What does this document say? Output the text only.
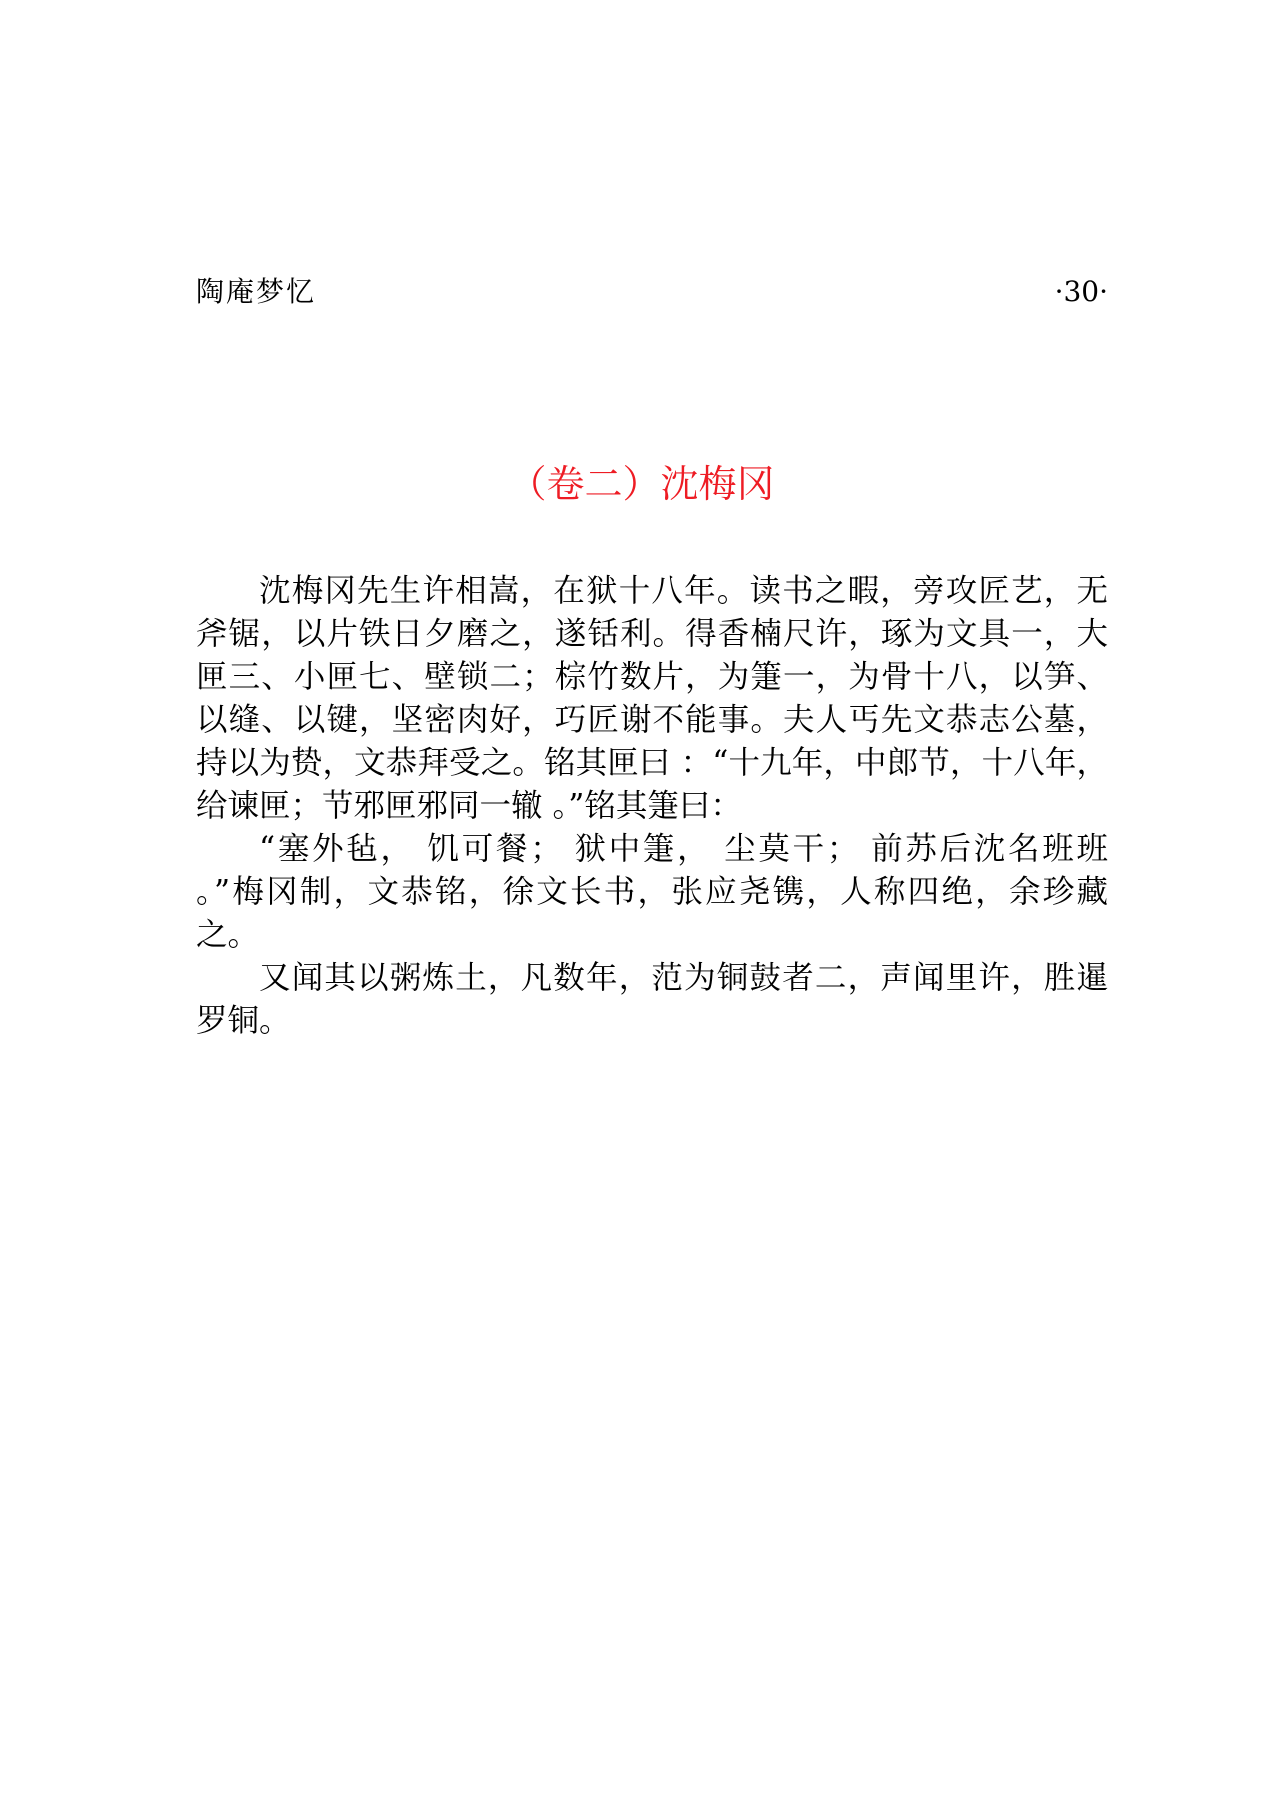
陶庵梦忆	·30·
（卷二）沈梅冈

沈梅冈先生许相嵩，在狱十八年。读书之暇，旁攻匠艺，无斧锯，以片铁日夕磨之，遂铦利。得香楠尺许，琢为文具一，大匣三、小匣七、壁锁二；棕竹数片，为箑一，为骨十八，以笋、以缝、以键，坚密肉好，巧匠谢不能事。夫人丐先文恭志公墓，持以为贽，文恭拜受之。铭其匣曰 ：“十九年，中郎节，十八年，给谏匣；节邪匣邪同一辙 。”铭其箑曰：

“塞外毡， 饥可餐； 狱中箑， 尘莫干； 前苏后沈名班班 。”梅冈制，文恭铭，徐文长书，张应尧镌，人称四绝，余珍藏之。

又闻其以粥炼土，凡数年，范为铜鼓者二，声闻里许，胜暹罗铜。
